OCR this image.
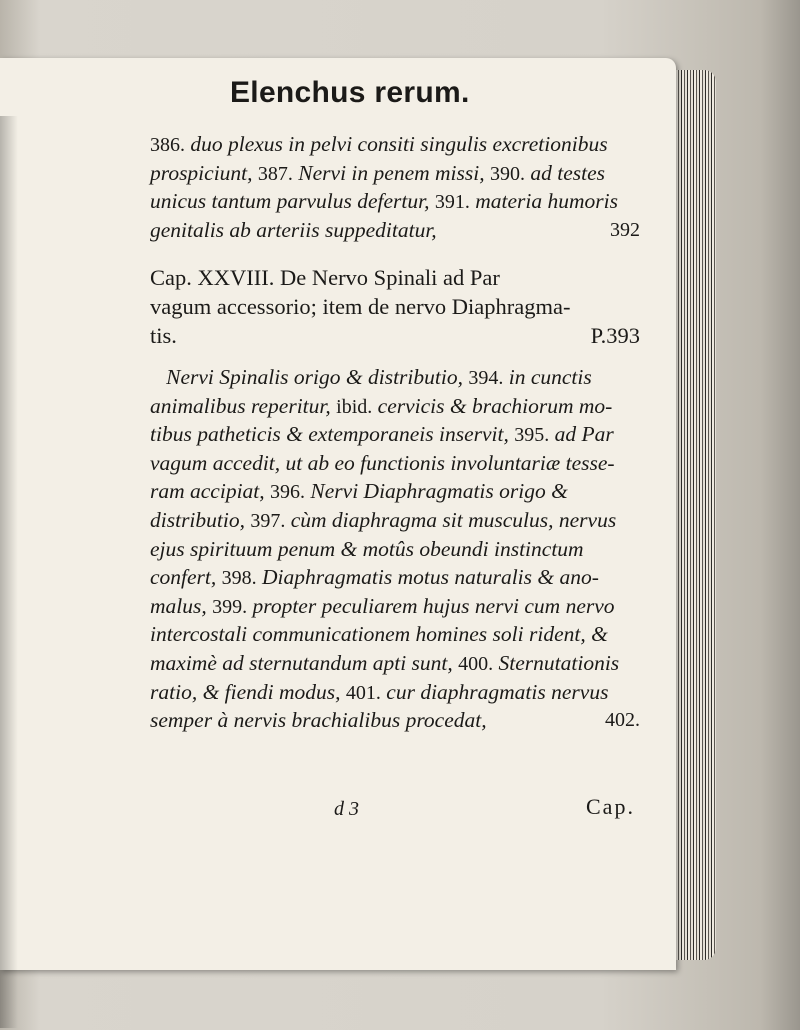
Elenchus rerum.
386. duo plexus in pelvi consiti singulis excretionibus
prospiciunt, 387. Nervi in penem missi, 390. ad testes
unicus tantum parvulus defertur, 391. materia humoris
genitalis ab arteriis suppeditatur,	392
Cap. XXVIII. De Nervo Spinali ad Par
vagum accessorio; item de nervo Diaphragma-
tis.	P.393
Nervi Spinalis origo & distributio, 394. in cunctis
animalibus reperitur, ibid. cervicis & brachiorum mo-
tibus patheticis & extemporaneis inservit, 395. ad Par
vagum accedit, ut ab eo functionis involuntariæ tesse-
ram accipiat, 396. Nervi Diaphragmatis origo &
distributio, 397. cùm diaphragma sit musculus, nervus
ejus spirituum penum & motûs obeundi instinctum
confert, 398. Diaphragmatis motus naturalis & ano-
malus, 399. propter peculiarem hujus nervi cum nervo
intercostali communicationem homines soli rident, &
maximè ad sternutandum apti sunt, 400. Sternutationis
ratio, & fiendi modus, 401. cur diaphragmatis nervus
semper à nervis brachialibus procedat,	402.
d 3	Cap.
